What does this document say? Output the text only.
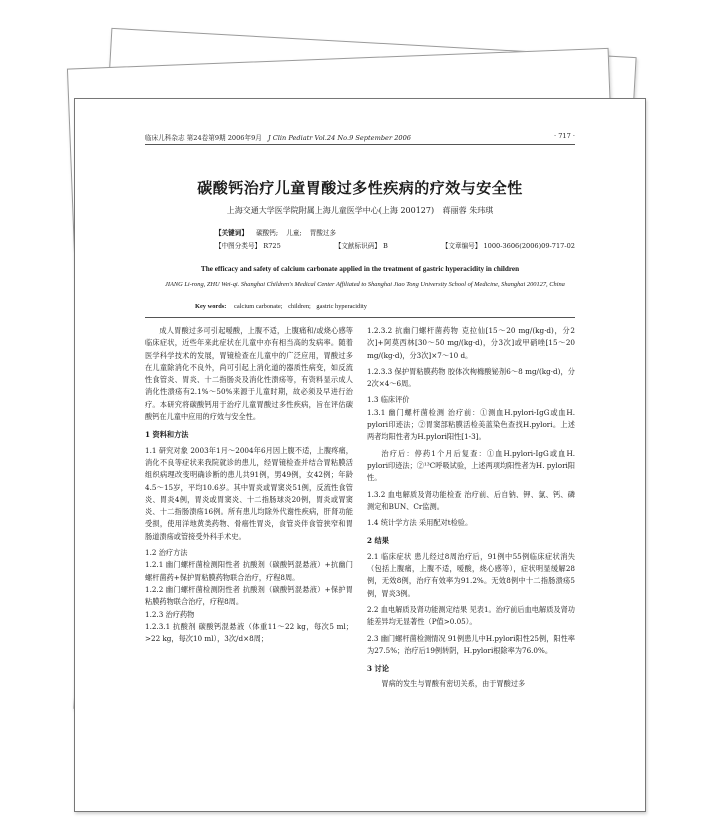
临床儿科杂志 第24卷第9期 2006年9月 J Clin Pediatr Vol.24 No.9 September 2006	· 717 ·
碳酸钙治疗儿童胃酸过多性疾病的疗效与安全性
上海交通大学医学院附属上海儿童医学中心(上海 200127) 蒋丽蓉 朱玮琪
【关键词】 碳酸钙; 儿童; 胃酸过多
【中图分类号】 R725	【文献标识码】 B	【文章编号】 1000-3606(2006)09-717-02
The efficacy and safety of calcium carbonate applied in the treatment of gastric hyperacidity in children
JIANG Li-rong, ZHU Wei-qi. Shanghai Children's Medical Center Affiliated to Shanghai Jiao Tong University School of Medicine, Shanghai 200127, China
Key words: calcium carbonate; children; gastric hyperacidity

成人胃酸过多可引起嗳酸，上腹不适，上腹痛和/或烧心感等临床症状，近些年来此症状在儿童中亦有相当高的发病率。随着医学科学技术的发展，胃镜检查在儿童中的广泛应用，胃酸过多在儿童除消化不良外，尚可引起上消化道的器质性病变，如反流性食管炎、胃炎、十二指肠炎及消化性溃疡等，有资料显示成人消化性溃疡有2.1%～50%来源于儿童时期，故必须及早进行治疗。本研究将碳酸钙用于治疗儿童胃酸过多性疾病，旨在评估碳酸钙在儿童中应用的疗效与安全性。

1 资料和方法

1.1 研究对象 2003年1月～2004年6月因上腹不适，上腹疼痛，消化不良等症状来我院就诊的患儿，经胃镜检查并结合胃粘膜活组织病理改变明确诊断的患儿共91例，男49例，女42例；年龄4.5～15岁，平均10.6岁。其中胃炎或胃窦炎51例，反流性食管炎、胃炎4例，胃炎或胃窦炎、十二指肠球炎20例，胃炎或胃窦炎、十二指肠溃疡16例。所有患儿均除外代谢性疾病，肝肾功能受损，使用洋地黄类药物、骨癌性胃炎，食管炎伴食管狭窄和胃肠道溃疡或管接受外科手术史。

1.2 治疗方法

1.2.1 幽门螺杆菌检测阳性者 抗酸剂（碳酸钙混悬液）+抗幽门螺杆菌药+保护胃粘膜药物联合治疗，疗程8周。

1.2.2 幽门螺杆菌检测阴性者 抗酸剂（碳酸钙混悬液）+保护胃粘膜药物联合治疗，疗程8周。

1.2.3 治疗药物

1.2.3.1 抗酸剂 碳酸钙混悬液（体重11～22 kg，每次5 ml；>22 kg，每次10 ml），3次/d×8周；

1.2.3.2 抗幽门螺杆菌药物 克拉仙[15～20 mg/(kg·d)，分2次]+阿莫西林[30～50 mg/(kg·d)，分3次]或甲硝唑[15～20 mg/(kg·d)，分3次]×7～10 d。

1.2.3.3 保护胃粘膜药物 胶体次枸橼酸铋剂6～8 mg/(kg·d)，分2次×4～6周。

1.3 临床评价

1.3.1 幽门螺杆菌检测 治疗前：①测血H.pylori-IgG或血H. pylori印迹法；②胃窦部粘膜活检美蓝染色查找H.pylori。上述两者均阳性者为H.pylori阳性[1-3]。

治疗后：停药1个月后复查：①血H.pylori-IgG或血H. pylori印迹法；②¹³C呼吸试验，上述两项均阳性者为H. pylori阳性。

1.3.2 血电解质及肾功能检查 治疗前、后自钠、钾、氯、钙、磷测定和BUN、Cr监测。

1.4 统计学方法 采用配对t检验。

2 结果

2.1 临床症状 患儿经过8周治疗后，91例中55例临床症状消失（包括上腹痛，上腹不适，嗳酸，烧心感等），症状明显缓解28例，无效8例，治疗有效率为91.2%。无效8例中十二指肠溃疡5例，胃炎3例。

2.2 血电解质及肾功能测定结果 见表1。治疗前后血电解质及肾功能差异均无显著性（P值>0.05）。

2.3 幽门螺杆菌检测情况 91例患儿中H.pylori阳性25例，阳性率为27.5%；治疗后19例转阴，H.pylori根除率为76.0%。

3 讨论

胃病的发生与胃酸有密切关系，由于胃酸过多
